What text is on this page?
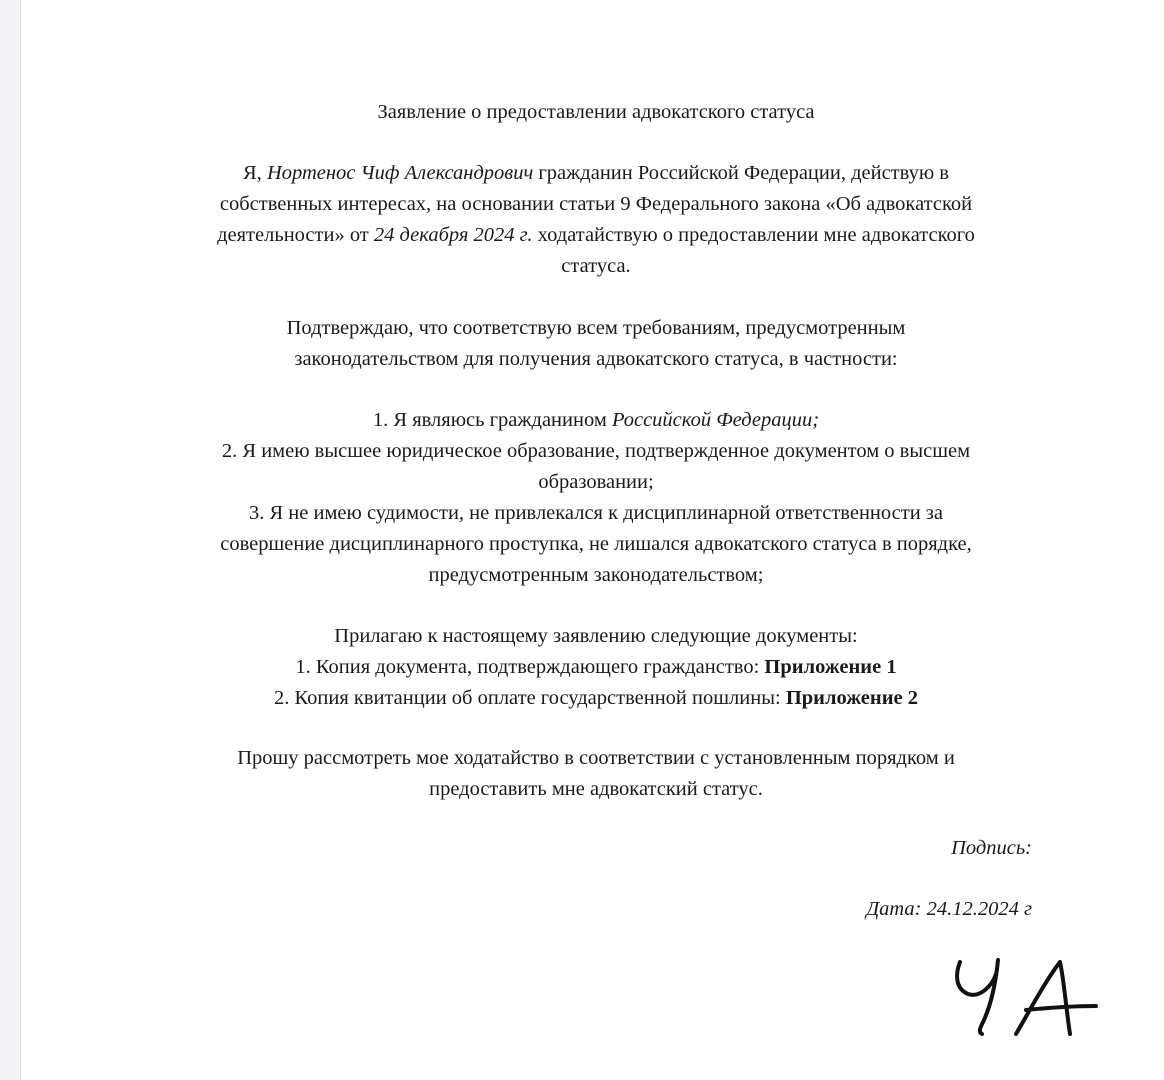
Заявление о предоставлении адвокатского статуса

Я, Нортенос Чиф Александрович гражданин Российской Федерации, действую в
собственных интересах, на основании статьи 9 Федерального закона «Об адвокатской
деятельности» от 24 декабря 2024 г. ходатайствую о предоставлении мне адвокатского
статуса.

Подтверждаю, что соответствую всем требованиям, предусмотренным
законодательством для получения адвокатского статуса, в частности:

1. Я являюсь гражданином Российской Федерации;
2. Я имею высшее юридическое образование, подтвержденное документом о высшем
образовании;
3. Я не имею судимости, не привлекался к дисциплинарной ответственности за
совершение дисциплинарного проступка, не лишался адвокатского статуса в порядке,
предусмотренным законодательством;

Прилагаю к настоящему заявлению следующие документы:
1. Копия документа, подтверждающего гражданство: Приложение 1
2. Копия квитанции об оплате государственной пошлины: Приложение 2

Прошу рассмотреть мое ходатайство в соответствии с установленным порядком и
предоставить мне адвокатский статус.

Подпись:
Дата: 24.12.2024 г
